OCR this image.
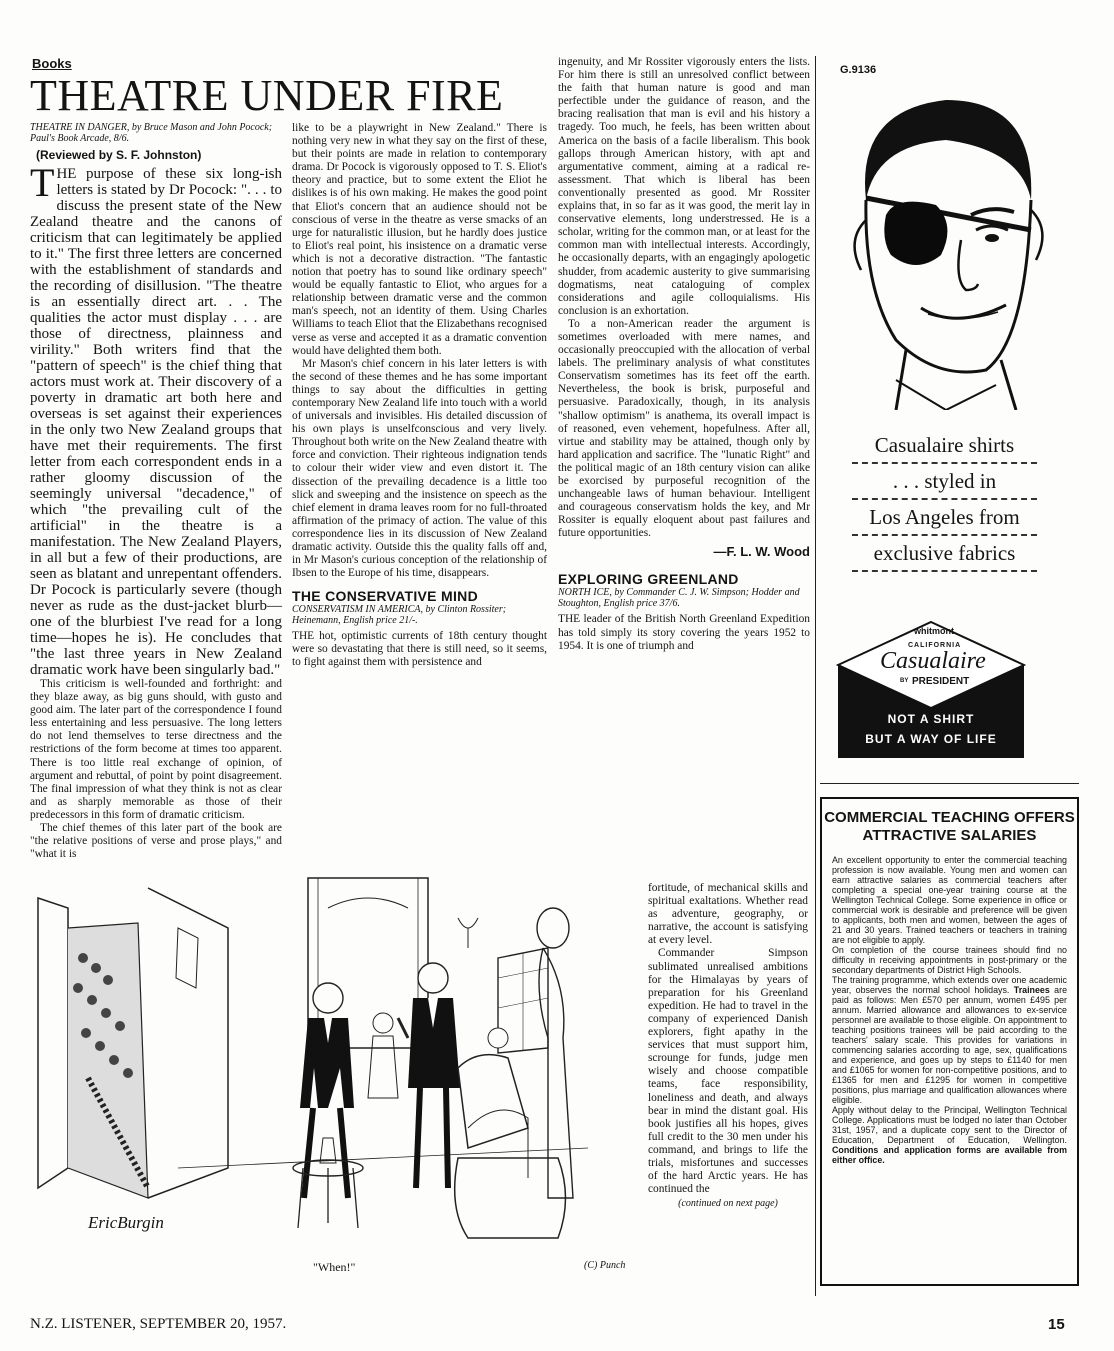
Books
THEATRE UNDER FIRE
THEATRE IN DANGER, by Bruce Mason and John Pocock; Paul's Book Arcade, 8/6.
(Reviewed by S. F. Johnston)

THE purpose of these six long-ish letters is stated by Dr Pocock: ". . . to discuss the present state of the New Zealand theatre and the canons of criticism that can legitimately be applied to it." The first three letters are concerned with the establishment of standards and the recording of disillusion. "The theatre is an essentially direct art. . . The qualities the actor must display . . . are those of directness, plainness and virility." Both writers find that the "pattern of speech" is the chief thing that actors must work at. Their discovery of a poverty in dramatic art both here and overseas is set against their experiences in the only two New Zealand groups that have met their requirements. The first letter from each correspondent ends in a rather gloomy discussion of the seemingly universal "decadence," of which "the prevailing cult of the artificial" in the theatre is a manifestation. The New Zealand Players, in all but a few of their productions, are seen as blatant and unrepentant offenders. Dr Pocock is particularly severe (though never as rude as the dust-jacket blurb—one of the blurbiest I've read for a long time—hopes he is). He concludes that "the last three years in New Zealand dramatic work have been singularly bad."

This criticism is well-founded and forthright: and they blaze away, as big guns should, with gusto and good aim. The later part of the correspondence I found less entertaining and less persuasive. The long letters do not lend themselves to terse directness and the restrictions of the form become at times too apparent. There is too little real exchange of opinion, of argument and rebuttal, of point by point disagreement. The final impression of what they think is not as clear and as sharply memorable as those of their predecessors in this form of dramatic criticism.

The chief themes of this later part of the book are "the relative positions of verse and prose plays," and "what it is

like to be a playwright in New Zealand." There is nothing very new in what they say on the first of these, but their points are made in relation to contemporary drama. Dr Pocock is vigorously opposed to T. S. Eliot's theory and practice, but to some extent the Eliot he dislikes is of his own making. He makes the good point that Eliot's concern that an audience should not be conscious of verse in the theatre as verse smacks of an urge for naturalistic illusion, but he hardly does justice to Eliot's real point, his insistence on a dramatic verse which is not a decorative distraction. "The fantastic notion that poetry has to sound like ordinary speech" would be equally fantastic to Eliot, who argues for a relationship between dramatic verse and the common man's speech, not an identity of them. Using Charles Williams to teach Eliot that the Elizabethans recognised verse as verse and accepted it as a dramatic convention would have delighted them both.

Mr Mason's chief concern in his later letters is with the second of these themes and he has some important things to say about the difficulties in getting contemporary New Zealand life into touch with a world of universals and invisibles. His detailed discussion of his own plays is unselfconscious and very lively. Throughout both write on the New Zealand theatre with force and conviction. Their righteous indignation tends to colour their wider view and even distort it. The dissection of the prevailing decadence is a little too slick and sweeping and the insistence on speech as the chief element in drama leaves room for no full-throated affirmation of the primacy of action. The value of this correspondence lies in its discussion of New Zealand dramatic activity. Outside this the quality falls off and, in Mr Mason's curious conception of the relationship of Ibsen to the Europe of his time, disappears.

THE CONSERVATIVE MIND
CONSERVATISM IN AMERICA, by Clinton Rossiter; Heinemann, English price 21/-.

THE hot, optimistic currents of 18th century thought were so devastating that there is still need, so it seems, to fight against them with persistence and

ingenuity, and Mr Rossiter vigorously enters the lists. For him there is still an unresolved conflict between the faith that human nature is good and man perfectible under the guidance of reason, and the bracing realisation that man is evil and his history a tragedy. Too much, he feels, has been written about America on the basis of a facile liberalism. This book gallops through American history, with apt and argumentative comment, aiming at a radical re-assessment. That which is liberal has been conventionally presented as good. Mr Rossiter explains that, in so far as it was good, the merit lay in conservative elements, long understressed. He is a scholar, writing for the common man, or at least for the common man with intellectual interests. Accordingly, he occasionally departs, with an engagingly apologetic shudder, from academic austerity to give summarising dogmatisms, neat cataloguing of complex considerations and agile colloquialisms. His conclusion is an exhortation.

To a non-American reader the argument is sometimes overloaded with mere names, and occasionally preoccupied with the allocation of verbal labels. The preliminary analysis of what constitutes Conservatism sometimes has its feet off the earth. Nevertheless, the book is brisk, purposeful and persuasive. Paradoxically, though, in its analysis "shallow optimism" is anathema, its overall impact is of reasoned, even vehement, hopefulness. After all, virtue and stability may be attained, though only by hard application and sacrifice. The "lunatic Right" and the political magic of an 18th century vision can alike be exorcised by purposeful recognition of the unchangeable laws of human behaviour. Intelligent and courageous conservatism holds the key, and Mr Rossiter is equally eloquent about past failures and future opportunities.

—F. L. W. Wood
EXPLORING GREENLAND
NORTH ICE, by Commander C. J. W. Simpson; Hodder and Stoughton, English price 37/6.

THE leader of the British North Greenland Expedition has told simply its story covering the years 1952 to 1954. It is one of triumph and

fortitude, of mechanical skills and spiritual exaltations. Whether read as adventure, geography, or narrative, the account is satisfying at every level.

Commander Simpson sublimated unrealised ambitions for the Himalayas by years of preparation for his Greenland expedition. He had to travel in the company of experienced Danish explorers, fight apathy in the services that must support him, scrounge for funds, judge men wisely and choose compatible teams, face responsibility, loneliness and death, and always bear in mind the distant goal. His book justifies all his hopes, gives full credit to the 30 men under his command, and brings to life the trials, misfortunes and successes of the hard Arctic years. He has continued the

(continued on next page)
EricBurgin
"When!"	(C) Punch
G.9136
Casualaire shirts
. . . styled in
Los Angeles from
exclusive fabrics
whitmont
CALIFORNIA
Casualaire
BY PRESIDENT
NOT A SHIRT
BUT A WAY OF LIFE
COMMERCIAL TEACHING OFFERS
ATTRACTIVE SALARIES

An excellent opportunity to enter the commercial teaching profession is now available. Young men and women can earn attractive salaries as commercial teachers after completing a special one-year training course at the Wellington Technical College. Some experience in office or commercial work is desirable and preference will be given to applicants, both men and women, between the ages of 21 and 30 years. Trained teachers or teachers in training are not eligible to apply.

On completion of the course trainees should find no difficulty in receiving appointments in post-primary or the secondary departments of District High Schools.

The training programme, which extends over one academic year, observes the normal school holidays. Trainees are paid as follows: Men £570 per annum, women £495 per annum. Married allowance and allowances to ex-service personnel are available to those eligible. On appointment to teaching positions trainees will be paid according to the teachers' salary scale. This provides for variations in commencing salaries according to age, sex, qualifications and experience, and goes up by steps to £1140 for men and £1065 for women for non-competitive positions, and to £1365 for men and £1295 for women in competitive positions, plus marriage and qualification allowances where eligible.

Apply without delay to the Principal, Wellington Technical College. Applications must be lodged no later than October 31st, 1957, and a duplicate copy sent to the Director of Education, Department of Education, Wellington. Conditions and application forms are available from either office.

N.Z. LISTENER, SEPTEMBER 20, 1957.	15
